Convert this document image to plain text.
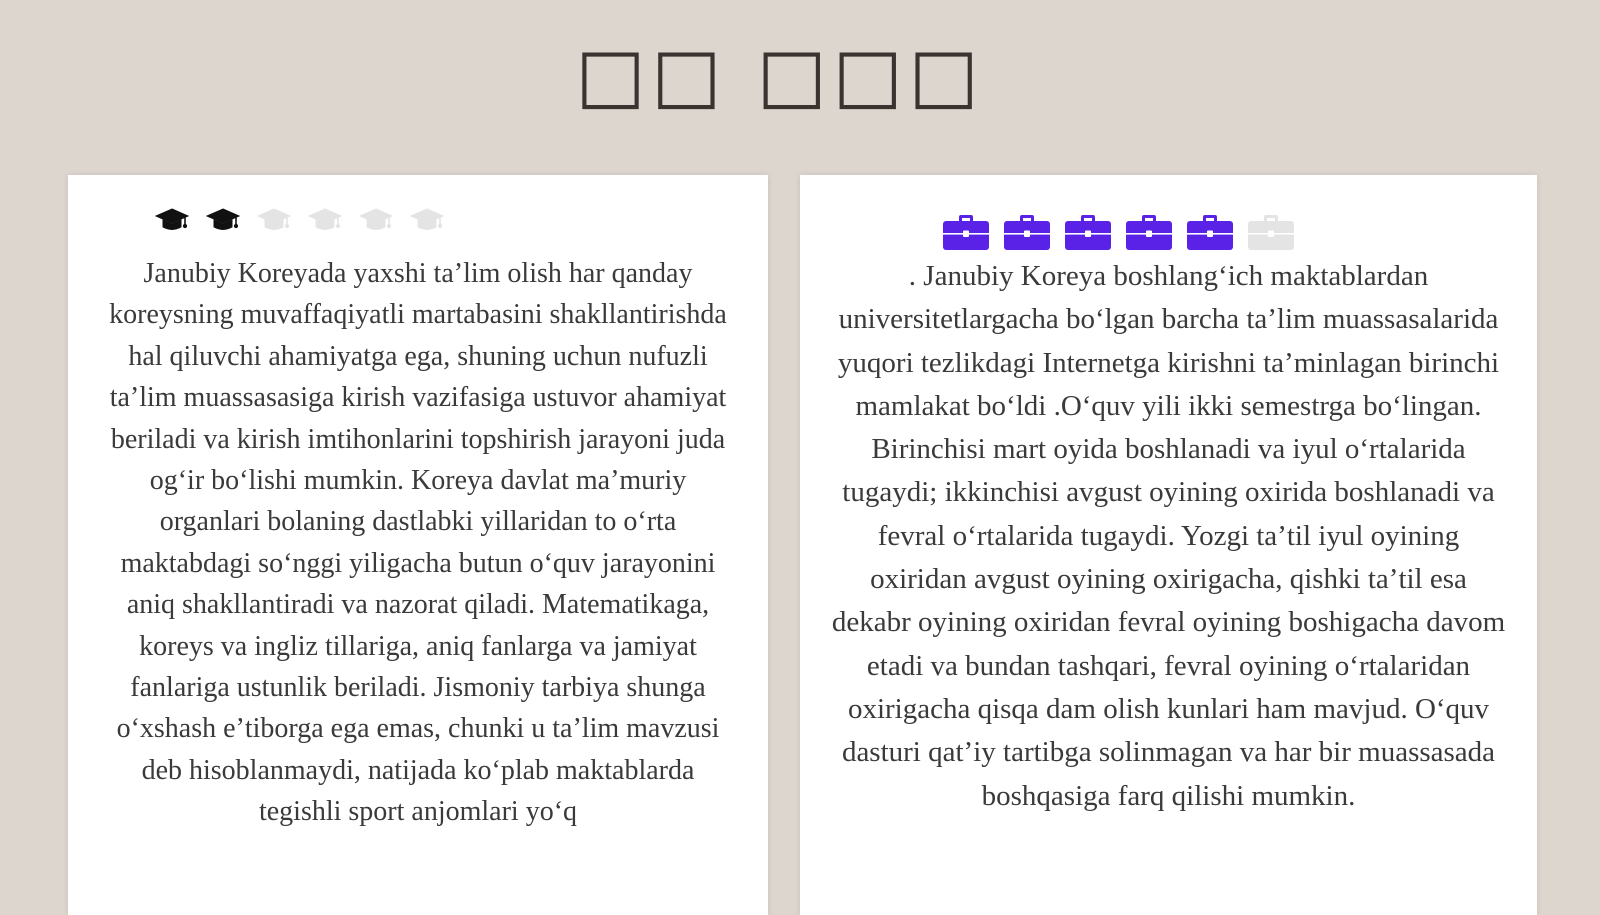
□□ □□□

Janubiy Koreyada yaxshi ta’lim olish har qanday koreysning muvaffaqiyatli martabasini shakllantirishda hal qiluvchi ahamiyatga ega, shuning uchun nufuzli ta’lim muassasasiga kirish vazifasiga ustuvor ahamiyat beriladi va kirish imtihonlarini topshirish jarayoni juda ogʻir boʻlishi mumkin. Koreya davlat maʼmuriy organlari bolaning dastlabki yillaridan to oʻrta maktabdagi soʻnggi yiligacha butun oʻquv jarayonini aniq shakllantiradi va nazorat qiladi. Matematikaga, koreys va ingliz tillariga, aniq fanlarga va jamiyat fanlariga ustunlik beriladi. Jismoniy tarbiya shunga oʻxshash eʼtiborga ega emas, chunki u taʼlim mavzusi deb hisoblanmaydi, natijada koʻplab maktablarda tegishli sport anjomlari yoʻq

. Janubiy Koreya boshlangʻich maktablardan universitetlargacha boʻlgan barcha taʼlim muassasalarida yuqori tezlikdagi Internetga kirishni taʼminlagan birinchi mamlakat boʻldi .Oʻquv yili ikki semestrga boʻlingan. Birinchisi mart oyida boshlanadi va iyul oʻrtalarida tugaydi; ikkinchisi avgust oyining oxirida boshlanadi va fevral oʻrtalarida tugaydi. Yozgi taʼtil iyul oyining oxiridan avgust oyining oxirigacha, qishki taʼtil esa dekabr oyining oxiridan fevral oyining boshigacha davom etadi va bundan tashqari, fevral oyining oʻrtalaridan oxirigacha qisqa dam olish kunlari ham mavjud. Oʻquv dasturi qatʼiy tartibga solinmagan va har bir muassasada boshqasiga farq qilishi mumkin.
